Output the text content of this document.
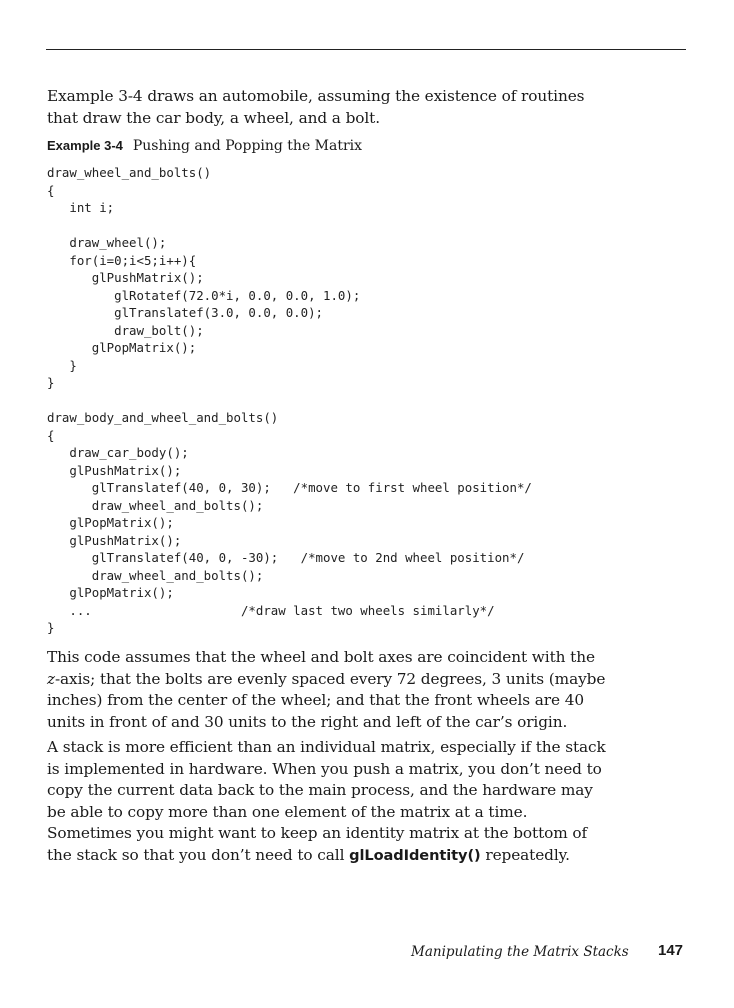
Example 3-4 draws an automobile, assuming the existence of routines that draw the car body, a wheel, and a bolt.

Example 3-4 Pushing and Popping the Matrix
draw_wheel_and_bolts()
{
int i;
draw_wheel();
for(i=0;i<5;i++){
glPushMatrix();
glRotatef(72.0*i, 0.0, 0.0, 1.0);
glTranslatef(3.0, 0.0, 0.0);
draw_bolt();
glPopMatrix();
}
}
draw_body_and_wheel_and_bolts()
{
draw_car_body();
glPushMatrix();
glTranslatef(40, 0, 30);   /*move to first wheel position*/
draw_wheel_and_bolts();
glPopMatrix();
glPushMatrix();
glTranslatef(40, 0, -30);   /*move to 2nd wheel position*/
draw_wheel_and_bolts();
glPopMatrix();
...                    /*draw last two wheels similarly*/
}

This code assumes that the wheel and bolt axes are coincident with the z-axis; that the bolts are evenly spaced every 72 degrees, 3 units (maybe inches) from the center of the wheel; and that the front wheels are 40 units in front of and 30 units to the right and left of the car’s origin.

A stack is more efficient than an individual matrix, especially if the stack is implemented in hardware. When you push a matrix, you don’t need to copy the current data back to the main process, and the hardware may be able to copy more than one element of the matrix at a time. Sometimes you might want to keep an identity matrix at the bottom of the stack so that you don’t need to call glLoadIdentity() repeatedly.

Manipulating the Matrix Stacks 147
